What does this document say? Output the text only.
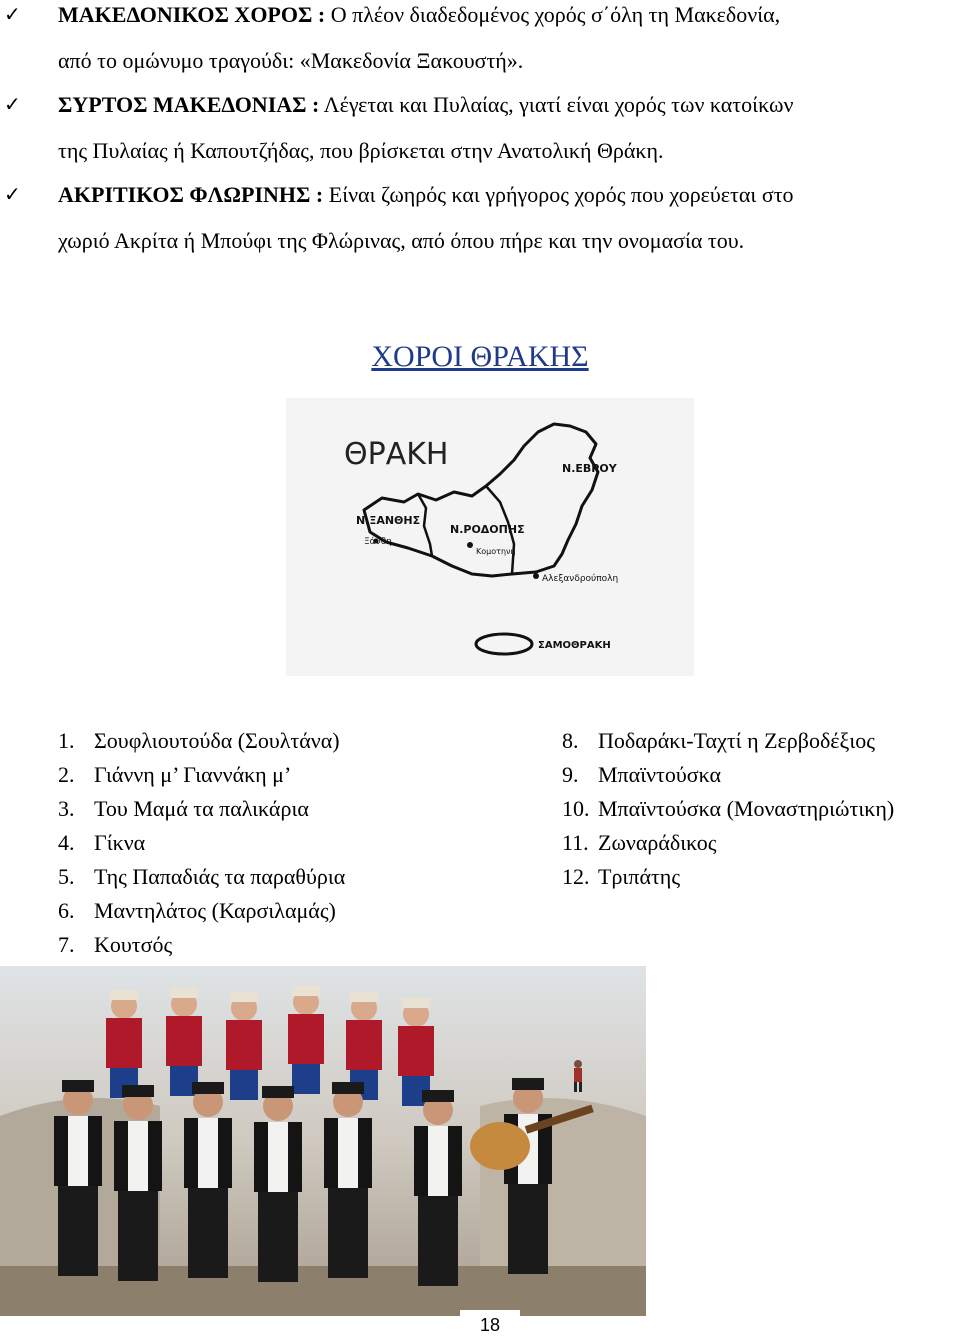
✓ ΜΑΚΕΔΟΝΙΚΟΣ ΧΟΡΟΣ : Ο πλέον διαδεδομένος χορός σ΄όλη τη Μακεδονία,
από το ομώνυμο τραγούδι: «Μακεδονία Ξακουστή».
✓ ΣΥΡΤΟΣ ΜΑΚΕΔΟΝΙΑΣ : Λέγεται και Πυλαίας, γιατί είναι χορός των κατοίκων
της Πυλαίας ή Καπουτζήδας, που βρίσκεται στην Ανατολική Θράκη.
✓ ΑΚΡΙΤΙΚΟΣ ΦΛΩΡΙΝΗΣ : Είναι ζωηρός και γρήγορος χορός που χορεύεται στο
χωριό Ακρίτα ή Μπούφι της Φλώρινας, από όπου πήρε και την ονομασία του.
ΧΟΡΟΙ ΘΡΑΚΗΣ
ΘΡΑΚΗ	Ν.ΕΒΡΟΥ
Ν.ΞΑΝΘΗΣ
Ξάνθη
Ν.ΡΟΔΟΠΗΣ
Κομοτηνή
Αλεξανδρούπολη
ΣΑΜΟΘΡΑΚΗ
1. Σουφλιουτούδα (Σουλτάνα)
2. Γιάννη μ’ Γιαννάκη μ’
3. Του Μαμά τα παλικάρια
4. Γίκνα
5. Της Παπαδιάς τα παραθύρια
6. Μαντηλάτος (Καρσιλαμάς)
7. Κουτσός
8. Ποδαράκι-Ταχτί η Ζερβοδέξιος
9. Μπαϊντούσκα
10. Μπαϊντούσκα (Μοναστηριώτικη)
11. Ζωναράδικος
12. Τριπάτης
18
